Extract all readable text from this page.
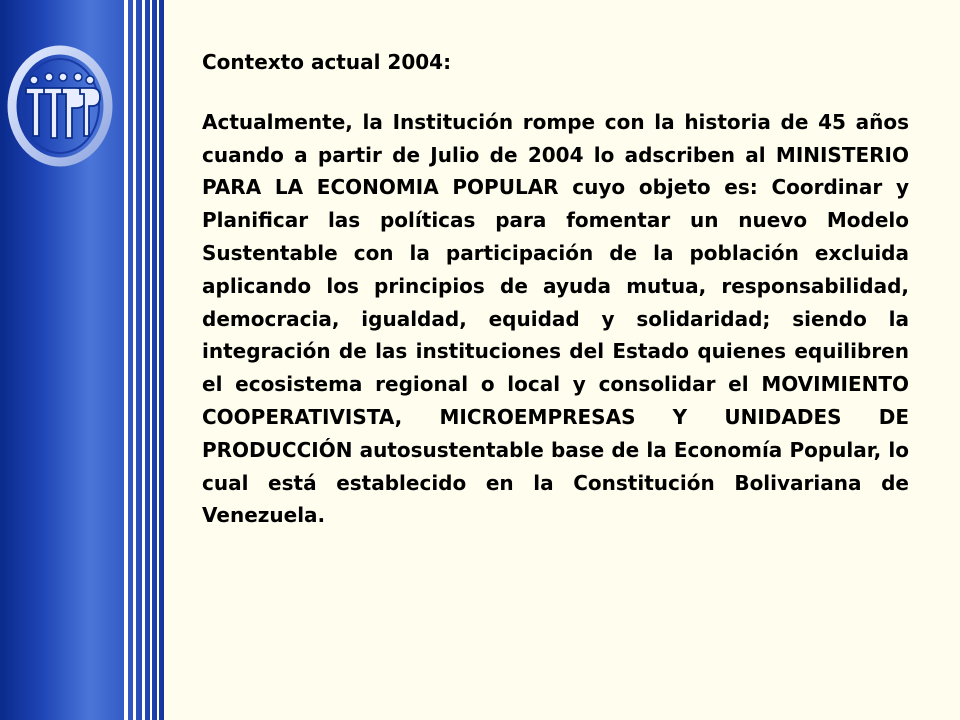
Contexto actual 2004:

Actualmente, la Institución rompe con la historia de 45 años cuando a partir de Julio de 2004 lo adscriben al MINISTERIO PARA LA ECONOMIA POPULAR cuyo objeto es: Coordinar y Planificar las políticas para fomentar un nuevo Modelo Sustentable con la participación de la población excluida aplicando los principios de ayuda mutua, responsabilidad, democracia, igualdad, equidad y solidaridad; siendo la integración de las instituciones del Estado quienes equilibren el ecosistema regional o local y consolidar el MOVIMIENTO COOPERATIVISTA, MICROEMPRESAS Y UNIDADES DE PRODUCCIÓN autosustentable base de la Economía Popular, lo cual está establecido en la Constitución Bolivariana de Venezuela.
